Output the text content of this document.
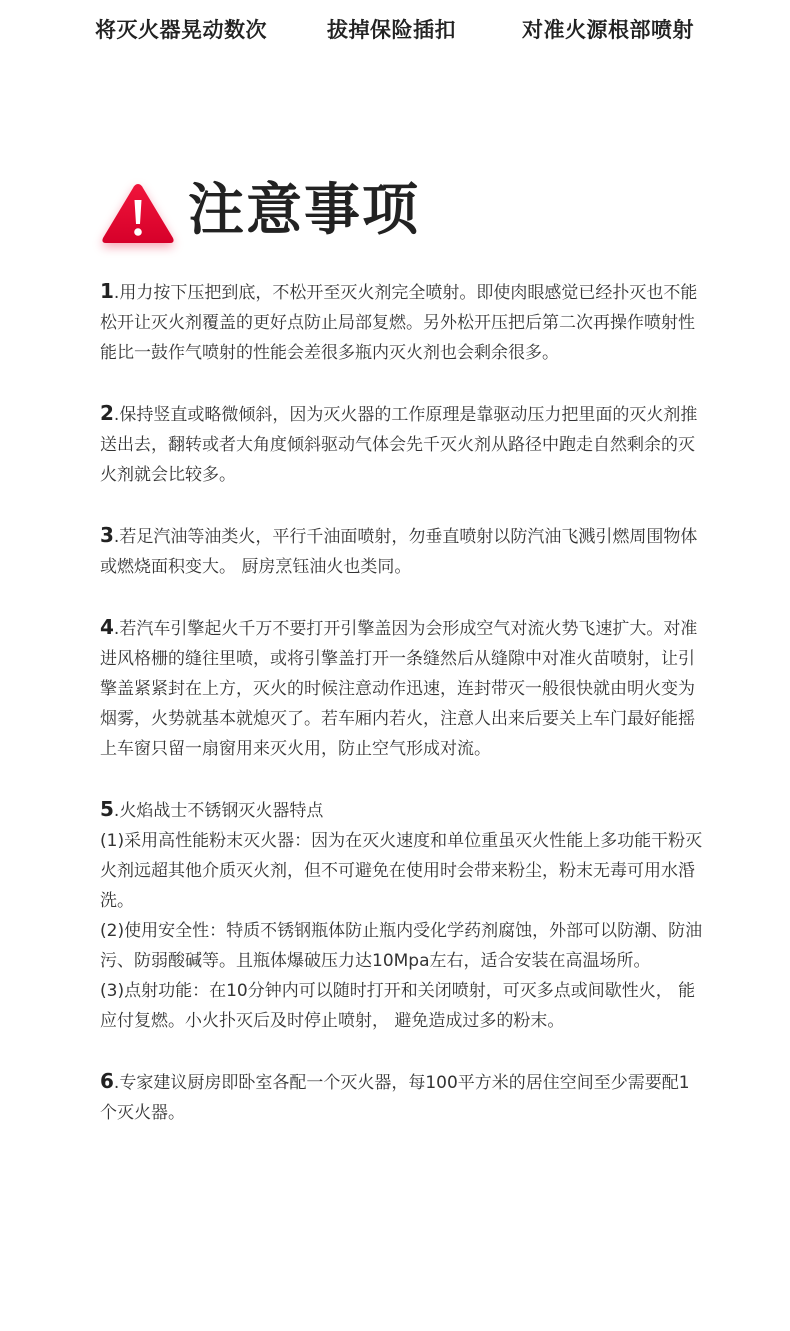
将灭火器晃动数次	拔掉保险插扣	对准火源根部喷射
注意事项

1.用力按下压把到底，不松开至灭火剂完全喷射。即使肉眼感觉已经扑灭也不能松开让灭火剂覆盖的更好点防止局部复燃。另外松开压把后第二次再操作喷射性能比一鼓作气喷射的性能会差很多瓶内灭火剂也会剩余很多。

2.保持竖直或略微倾斜，因为灭火器的工作原理是靠驱动压力把里面的灭火剂推送出去，翻转或者大角度倾斜驱动气体会先千灭火剂从路径中跑走自然剩余的灭火剂就会比较多。

3.若足汽油等油类火，平行千油面喷射，勿垂直喷射以防汽油飞溅引燃周围物体或燃烧面积变大。 厨房烹钰油火也类同。

4.若汽车引擎起火千万不要打开引擎盖因为会形成空气对流火势飞速扩大。对准进风格栅的缝往里喷，或将引擎盖打开一条缝然后从缝隙中对准火苗喷射，让引擎盖紧紧封在上方，灭火的时候注意动作迅速，连封带灭一般很快就由明火变为烟雾，火势就基本就熄灭了。若车厢内若火，注意人出来后要关上车门最好能摇上车窗只留一扇窗用来灭火用，防止空气形成对流。

5.火焰战士不锈钢灭火器特点

(1)采用高性能粉末灭火器：因为在灭火速度和单位重虽灭火性能上多功能干粉灭火剂远超其他介质灭火剂，但不可避免在使用时会带来粉尘，粉末无毒可用水涽洗。

(2)使用安全性：特质不锈钢瓶体防止瓶内受化学药剂腐蚀，外部可以防潮、防油污、防弱酸碱等。且瓶体爆破压力达10Mpa左右，适合安装在高温场所。

(3)点射功能：在10分钟内可以随时打开和关闭喷射，可灭多点或间歇性火， 能应付复燃。小火扑灭后及时停止喷射， 避免造成过多的粉末。

6.专家建议厨房即卧室各配一个灭火器，每100平方米的居住空间至少需要配1个灭火器。
